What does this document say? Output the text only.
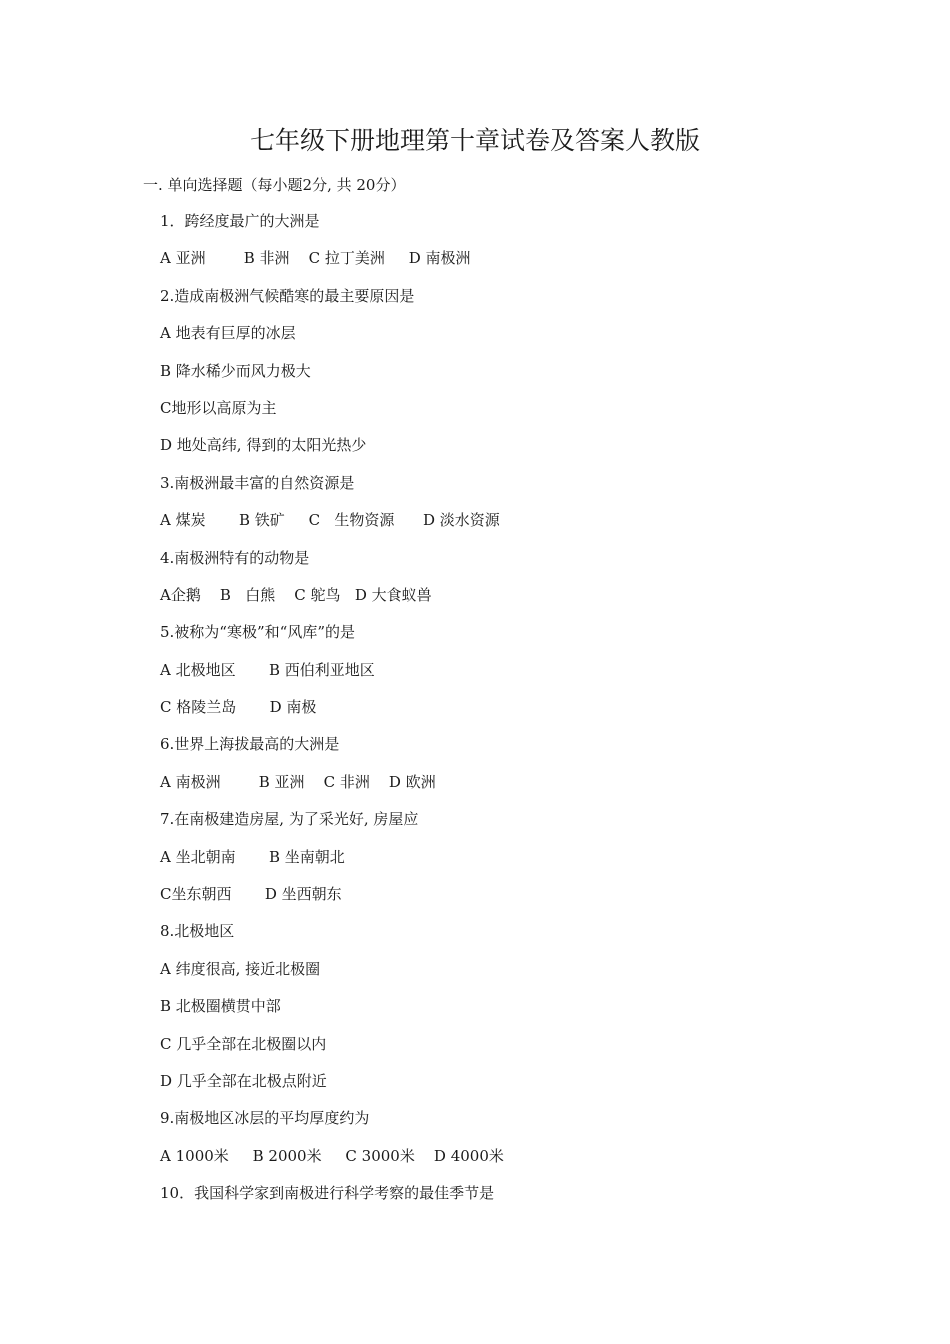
七年级下册地理第十章试卷及答案人教版
一. 单向选择题（每小题2分, 共 20分）
1．跨经度最广的大洲是
A 亚洲        B 非洲    C 拉丁美洲     D 南极洲
2.造成南极洲气候酷寒的最主要原因是
A 地表有巨厚的冰层
B 降水稀少而风力极大
C地形以高原为主
D 地处高纬, 得到的太阳光热少
3.南极洲最丰富的自然资源是
A 煤炭       B 铁矿     C   生物资源      D 淡水资源
4.南极洲特有的动物是
A企鹅    B   白熊    C 鸵鸟   D 大食蚁兽
5.被称为“寒极”和“风库”的是
A 北极地区       B 西伯利亚地区
C 格陵兰岛       D 南极
6.世界上海拔最高的大洲是
A 南极洲        B 亚洲    C 非洲    D 欧洲
7.在南极建造房屋, 为了采光好, 房屋应
A 坐北朝南       B 坐南朝北
C坐东朝西       D 坐西朝东
8.北极地区
A 纬度很高, 接近北极圈
B 北极圈横贯中部
C 几乎全部在北极圈以内
D 几乎全部在北极点附近
9.南极地区冰层的平均厚度约为
A 1000米     B 2000米     C 3000米    D 4000米
10．我国科学家到南极进行科学考察的最佳季节是
